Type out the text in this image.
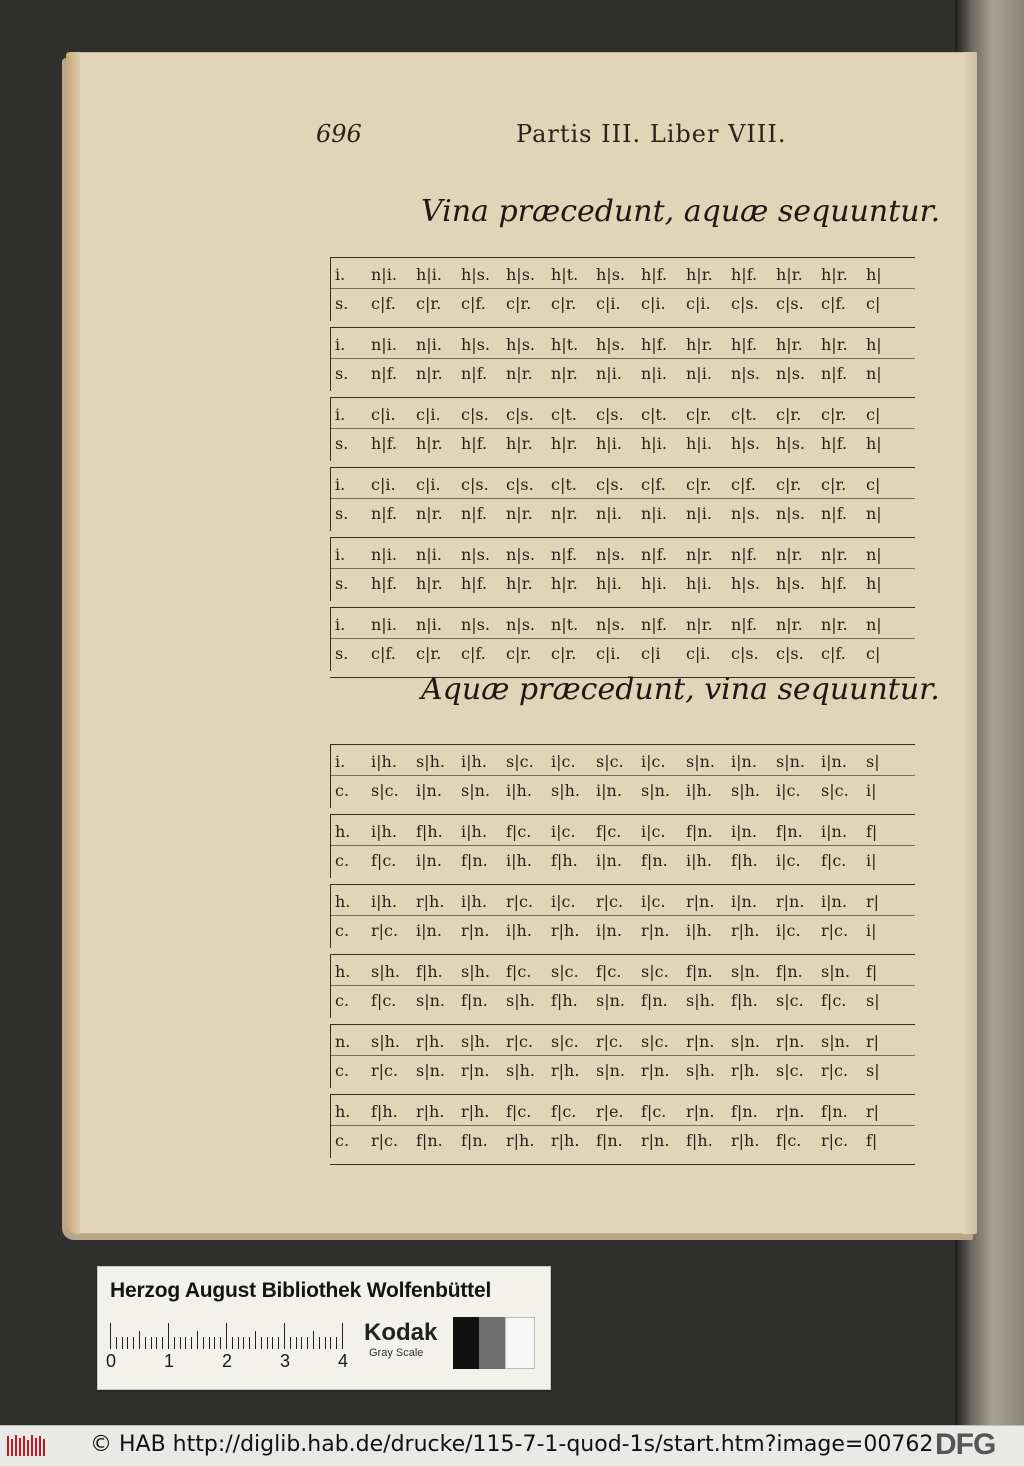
696	Partis III. Liber VIII.
Vina præcedunt, aquæ sequuntur.
i.	n|i.	h|i.	h|s.	h|s.	h|t.	h|s.	h|f.	h|r.	h|f.	h|r.	h|r.	h|
s.	c|f.	c|r.	c|f.	c|r.	c|r.	c|i.	c|i.	c|i.	c|s.	c|s.	c|f.	c|
i.	n|i.	n|i.	h|s.	h|s.	h|t.	h|s.	h|f.	h|r.	h|f.	h|r.	h|r.	h|
s.	n|f.	n|r.	n|f.	n|r.	n|r.	n|i.	n|i.	n|i.	n|s.	n|s.	n|f.	n|
i.	c|i.	c|i.	c|s.	c|s.	c|t.	c|s.	c|t.	c|r.	c|t.	c|r.	c|r.	c|
s.	h|f.	h|r.	h|f.	h|r.	h|r.	h|i.	h|i.	h|i.	h|s.	h|s.	h|f.	h|
i.	c|i.	c|i.	c|s.	c|s.	c|t.	c|s.	c|f.	c|r.	c|f.	c|r.	c|r.	c|
s.	n|f.	n|r.	n|f.	n|r.	n|r.	n|i.	n|i.	n|i.	n|s.	n|s.	n|f.	n|
i.	n|i.	n|i.	n|s.	n|s.	n|f.	n|s.	n|f.	n|r.	n|f.	n|r.	n|r.	n|
s.	h|f.	h|r.	h|f.	h|r.	h|r.	h|i.	h|i.	h|i.	h|s.	h|s.	h|f.	h|
i.	n|i.	n|i.	n|s.	n|s.	n|t.	n|s.	n|f.	n|r.	n|f.	n|r.	n|r.	n|
s.	c|f.	c|r.	c|f.	c|r.	c|r.	c|i.	c|i	c|i.	c|s.	c|s.	c|f.	c|
Aquæ præcedunt, vina sequuntur.
i.	i|h.	s|h.	i|h.	s|c.	i|c.	s|c.	i|c.	s|n.	i|n.	s|n.	i|n.	s|
c.	s|c.	i|n.	s|n.	i|h.	s|h.	i|n.	s|n.	i|h.	s|h.	i|c.	s|c.	i|
h.	i|h.	f|h.	i|h.	f|c.	i|c.	f|c.	i|c.	f|n.	i|n.	f|n.	i|n.	f|
c.	f|c.	i|n.	f|n.	i|h.	f|h.	i|n.	f|n.	i|h.	f|h.	i|c.	f|c.	i|
h.	i|h.	r|h.	i|h.	r|c.	i|c.	r|c.	i|c.	r|n.	i|n.	r|n.	i|n.	r|
c.	r|c.	i|n.	r|n.	i|h.	r|h.	i|n.	r|n.	i|h.	r|h.	i|c.	r|c.	i|
h.	s|h.	f|h.	s|h.	f|c.	s|c.	f|c.	s|c.	f|n.	s|n.	f|n.	s|n.	f|
c.	f|c.	s|n.	f|n.	s|h.	f|h.	s|n.	f|n.	s|h.	f|h.	s|c.	f|c.	s|
n.	s|h.	r|h.	s|h.	r|c.	s|c.	r|c.	s|c.	r|n.	s|n.	r|n.	s|n.	r|
c.	r|c.	s|n.	r|n.	s|h.	r|h.	s|n.	r|n.	s|h.	r|h.	s|c.	r|c.	s|
h.	f|h.	r|h.	r|h.	f|c.	f|c.	r|e.	f|c.	r|n.	f|n.	r|n.	f|n.	r|
c.	r|c.	f|n.	f|n.	r|h.	r|h.	f|n.	r|n.	f|h.	r|h.	f|c.	r|c.	f|
Herzog August Bibliothek Wolfenbüttel
0	1	2	3	4
Kodak
Gray Scale
© HAB http://diglib.hab.de/drucke/115-7-1-quod-1s/start.htm?image=00762 DFG
